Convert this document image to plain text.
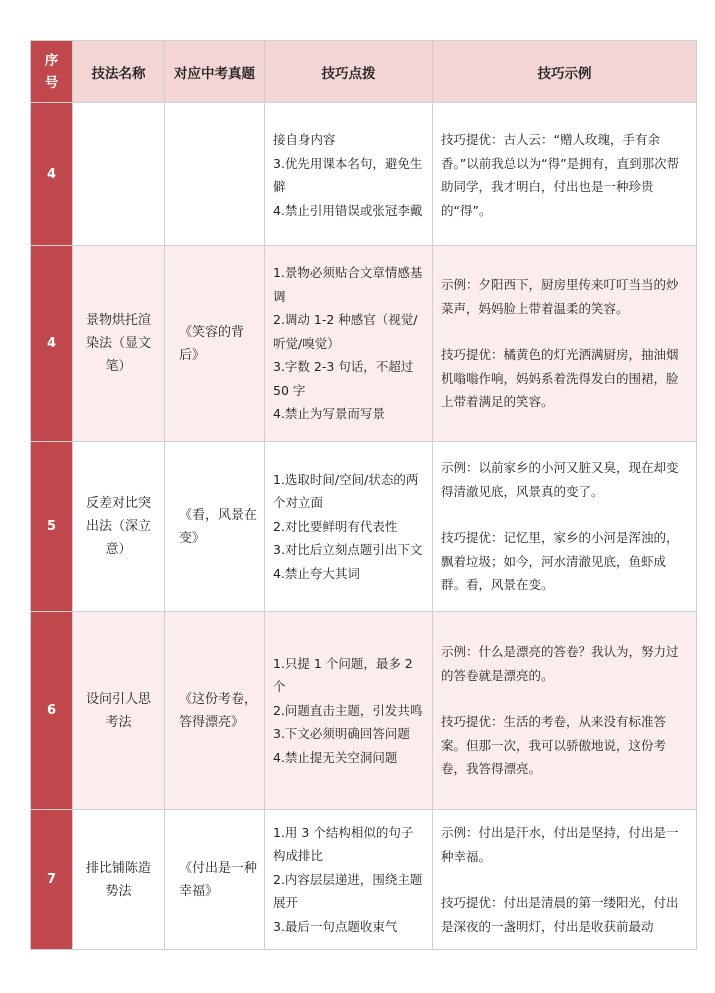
序号	技法名称	对应中考真题	技巧点拨	技巧示例
4			接自身内容
3.优先用课本名句，避免生僻
4.禁止引用错误或张冠李戴	技巧提优：古人云：“赠人玫瑰，手有余香。”以前我总以为“得”是拥有，直到那次帮助同学，我才明白，付出也是一种珍贵的“得”。

4	景物烘托渲染法（显文笔）	《笑容的背后》	1.景物必须贴合文章情感基调
2.调动 1-2 种感官（视觉/听觉/嗅觉）
3.字数 2-3 句话，不超过 50 字
4.禁止为写景而写景	示例：夕阳西下，厨房里传来叮叮当当的炒菜声，妈妈脸上带着温柔的笑容。
技巧提优：橘黄色的灯光洒满厨房，抽油烟机嗡嗡作响，妈妈系着洗得发白的围裙，脸上带着满足的笑容。

5	反差对比突出法（深立意）	《看，风景在变》	1.选取时间/空间/状态的两个对立面
2.对比要鲜明有代表性
3.对比后立刻点题引出下文
4.禁止夸大其词	示例：以前家乡的小河又脏又臭，现在却变得清澈见底，风景真的变了。
技巧提优：记忆里，家乡的小河是浑浊的，飘着垃圾；如今，河水清澈见底，鱼虾成群。看，风景在变。

6	设问引人思考法	《这份考卷，答得漂亮》	1.只提 1 个问题，最多 2 个
2.问题直击主题，引发共鸣
3.下文必须明确回答问题
4.禁止提无关空洞问题	示例：什么是漂亮的答卷？我认为，努力过的答卷就是漂亮的。
技巧提优：生活的考卷，从来没有标准答案。但那一次，我可以骄傲地说，这份考卷，我答得漂亮。

7	排比铺陈造势法	《付出是一种幸福》	1.用 3 个结构相似的句子构成排比
2.内容层层递进，围绕主题展开
3.最后一句点题收束气	示例：付出是汗水，付出是坚持，付出是一种幸福。
技巧提优：付出是清晨的第一缕阳光，付出是深夜的一盏明灯，付出是收获前最动
